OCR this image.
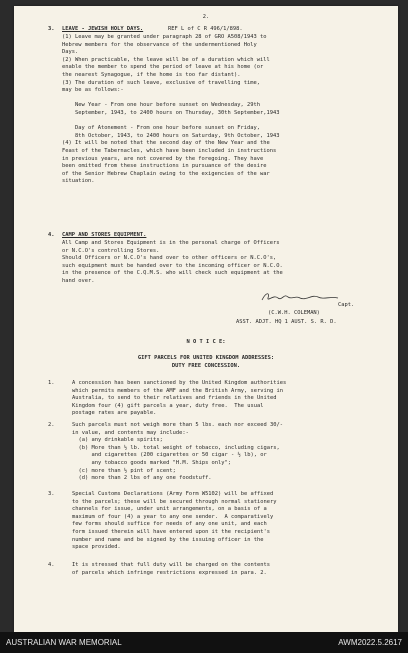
2.
3. LEAVE - JEWISH HOLY DAYS.	REF L of C R 496/1/898.
(1) Leave may be granted under paragraph 28 of GRO A508/1943 to
Hebrew members for the observance of the undermentioned Holy
Days.
(2) When practicable, the leave will be of a duration which will
enable the member to spend the period of leave at his home (or
the nearest Synagogue, if the home is too far distant).
(3) The duration of such leave, exclusive of travelling time,
may be as follows:-
New Year - From one hour before sunset on Wednesday, 29th
September, 1943, to 2400 hours on Thursday, 30th September,1943
Day of Atonement - From one hour before sunset on Friday,
8th October, 1943, to 2400 hours on Saturday, 9th October, 1943
(4) It will be noted that the second day of the New Year and the
Feast of the Tabernacles, which have been included in instructions
in previous years, are not covered by the foregoing. They have
been omitted from these instructions in pursuance of the desire
of the Senior Hebrew Chaplain owing to the exigencies of the war
situation.
4. CAMP AND STORES EQUIPMENT.
All Camp and Stores Equipment is in the personal charge of Officers
or N.C.O's controlling Stores.
Should Officers or N.C.O's hand over to other officers or N.C.O's,
such equipment must be handed over to the incoming officer or N.C.O.
in the presence of the C.Q.M.S. who will check such equipment at the
hand over.
Capt.
(C.W.H. COLEMAN)
ASST. ADJT. HQ 1 AUST. S. R. D.
N O T I C E:
GIFT PARCELS FOR UNITED KINGDOM ADDRESSES:
DUTY FREE CONCESSION.
1.	A concession has been sanctioned by the United Kingdom authorities
which permits members of the AMF and the British Army, serving in
Australia, to send to their relatives and friends in the United
Kingdom four (4) gift parcels a year, duty free.  The usual
postage rates are payable.
2.	Such parcels must not weigh more than 5 lbs. each nor exceed 30/-
in value, and contents may include:-
(a) any drinkable spirits;
(b) More than ½ lb. total weight of tobacco, including cigars,
and cigarettes (200 cigarettes or 50 cigar - ½ lb), or
any tobacco goods marked "H.M. Ships only";
(c) more than ½ pint of scent;
(d) more than 2 lbs of any one foodstuff.
3.	Special Customs Declarations (Army Form W5102) will be affixed
to the parcels; these will be secured through normal stationery
channels for issue, under unit arrangements, on a basis of a
maximum of four (4) a year to any one sender.  A comparatively
few forms should suffice for needs of any one unit, and each
form issued therein will have entered upon it the recipient's
number and name and be signed by the issuing officer in the
space provided.
4.	It is stressed that full duty will be charged on the contents
of parcels which infringe restrictions expressed in para. 2.
AUSTRALIAN WAR MEMORIAL	AWM2022.5.2617
